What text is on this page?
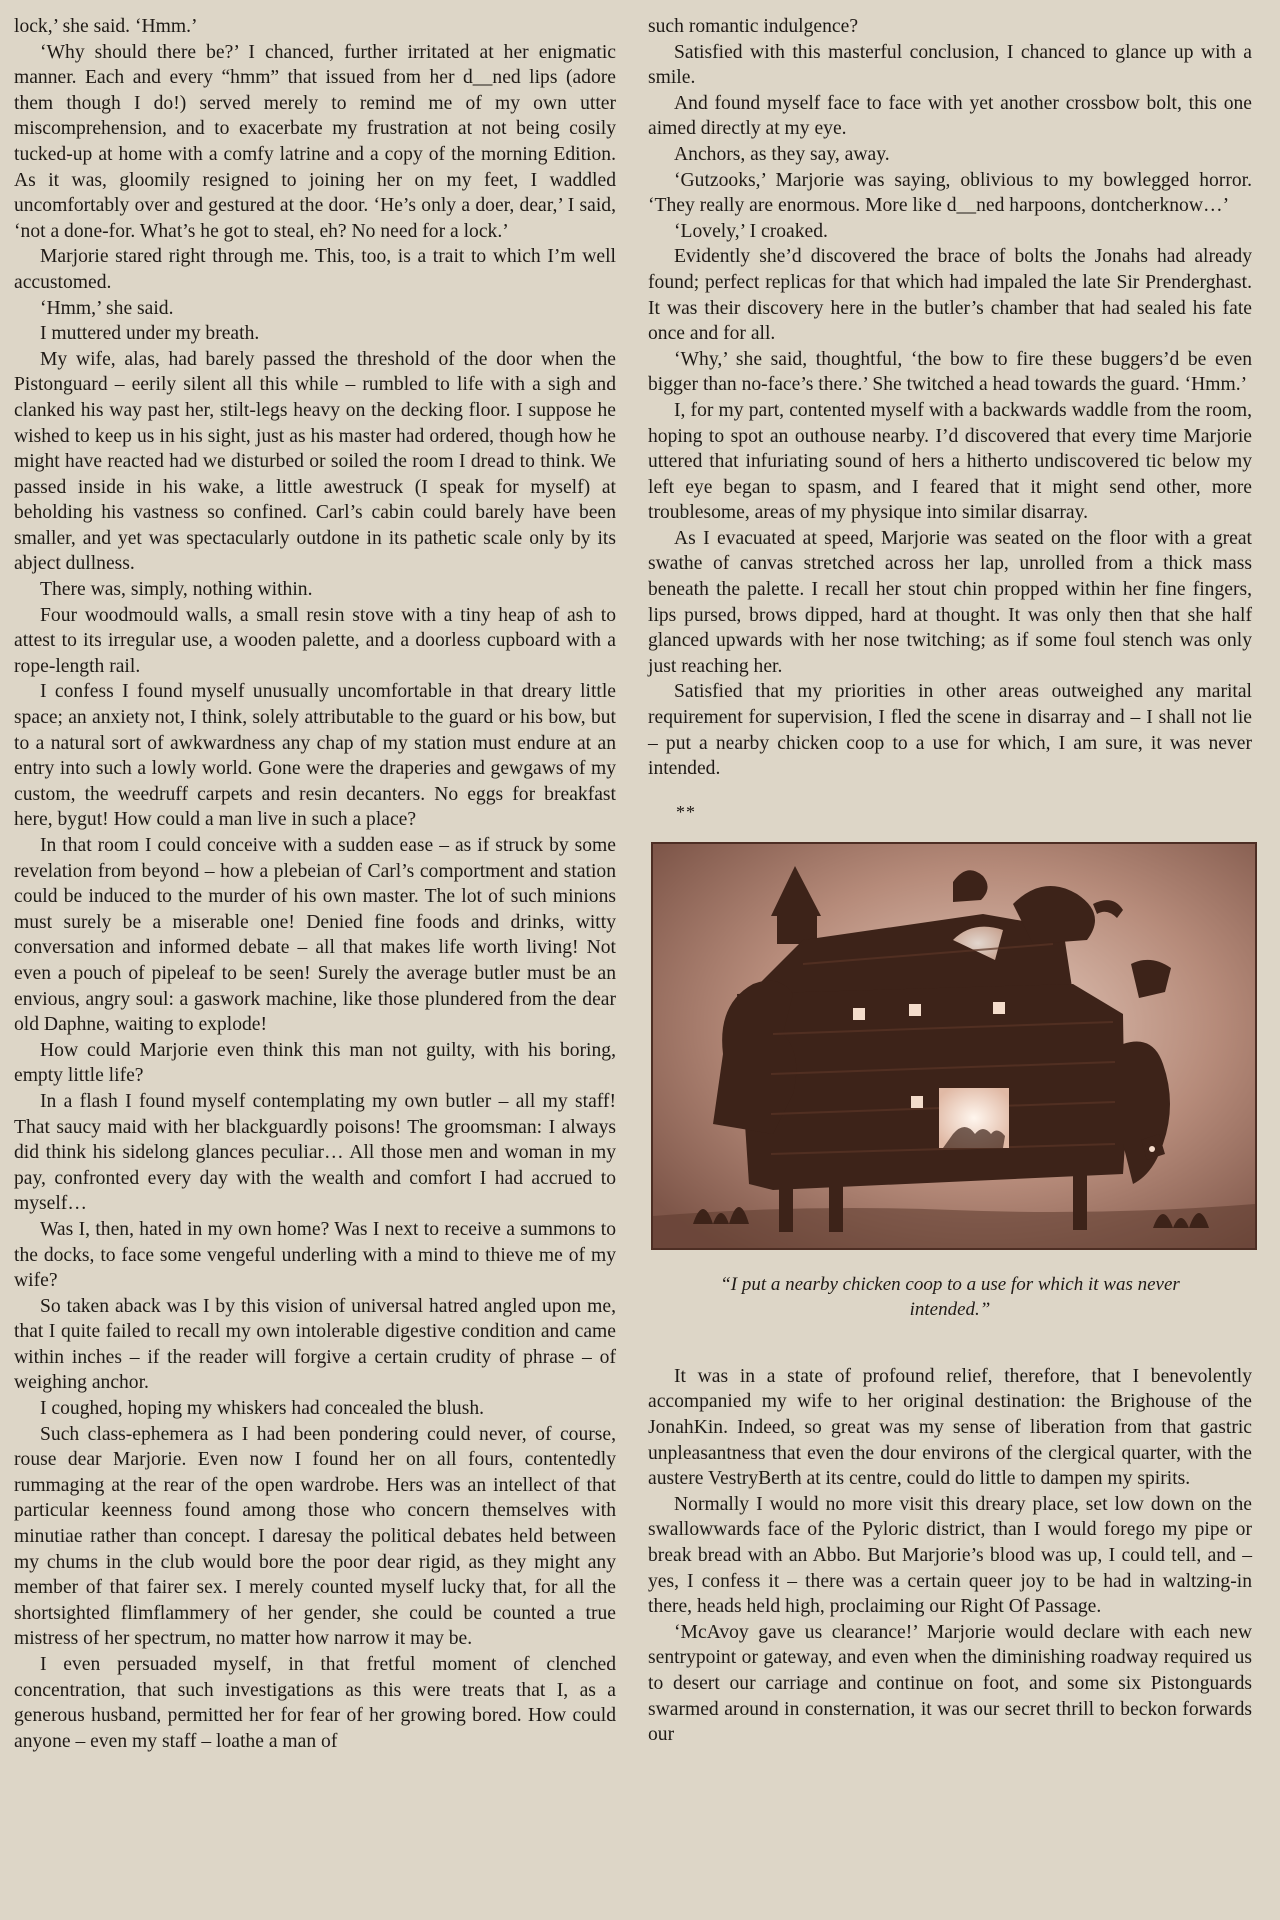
lock,’ she said. ‘Hmm.’

‘Why should there be?’ I chanced, further irritated at her enigmatic manner. Each and every “hmm” that issued from her d__ned lips (adore them though I do!) served merely to remind me of my own utter miscomprehension, and to exacerbate my frustration at not being cosily tucked-up at home with a comfy latrine and a copy of the morning Edition. As it was, gloomily resigned to joining her on my feet, I waddled uncomfortably over and gestured at the door. ‘He’s only a doer, dear,’ I said, ‘not a done-for. What’s he got to steal, eh? No need for a lock.’

Marjorie stared right through me. This, too, is a trait to which I’m well accustomed.

‘Hmm,’ she said.

I muttered under my breath.

My wife, alas, had barely passed the threshold of the door when the Pistonguard – eerily silent all this while – rumbled to life with a sigh and clanked his way past her, stilt-legs heavy on the decking floor. I suppose he wished to keep us in his sight, just as his master had ordered, though how he might have reacted had we disturbed or soiled the room I dread to think. We passed inside in his wake, a little awestruck (I speak for myself) at beholding his vastness so confined. Carl’s cabin could barely have been smaller, and yet was spectacularly outdone in its pathetic scale only by its abject dullness.

There was, simply, nothing within.

Four woodmould walls, a small resin stove with a tiny heap of ash to attest to its irregular use, a wooden palette, and a doorless cupboard with a rope-length rail.

I confess I found myself unusually uncomfortable in that dreary little space; an anxiety not, I think, solely attributable to the guard or his bow, but to a natural sort of awkwardness any chap of my station must endure at an entry into such a lowly world. Gone were the draperies and gewgaws of my custom, the weedruff carpets and resin decanters. No eggs for breakfast here, bygut! How could a man live in such a place?

In that room I could conceive with a sudden ease – as if struck by some revelation from beyond – how a plebeian of Carl’s comportment and station could be induced to the murder of his own master. The lot of such minions must surely be a miserable one! Denied fine foods and drinks, witty conversation and informed debate – all that makes life worth living! Not even a pouch of pipeleaf to be seen! Surely the average butler must be an envious, angry soul: a gaswork machine, like those plundered from the dear old Daphne, waiting to explode!

How could Marjorie even think this man not guilty, with his boring, empty little life?

In a flash I found myself contemplating my own butler – all my staff! That saucy maid with her blackguardly poisons! The groomsman: I always did think his sidelong glances peculiar… All those men and woman in my pay, confronted every day with the wealth and comfort I had accrued to myself…

Was I, then, hated in my own home? Was I next to receive a summons to the docks, to face some vengeful underling with a mind to thieve me of my wife?

So taken aback was I by this vision of universal hatred angled upon me, that I quite failed to recall my own intolerable digestive condition and came within inches – if the reader will forgive a certain crudity of phrase – of weighing anchor.

I coughed, hoping my whiskers had concealed the blush.

Such class-ephemera as I had been pondering could never, of course, rouse dear Marjorie. Even now I found her on all fours, contentedly rummaging at the rear of the open wardrobe. Hers was an intellect of that particular keenness found among those who concern themselves with minutiae rather than concept. I daresay the political debates held between my chums in the club would bore the poor dear rigid, as they might any member of that fairer sex. I merely counted myself lucky that, for all the shortsighted flimflammery of her gender, she could be counted a true mistress of her spectrum, no matter how narrow it may be.

I even persuaded myself, in that fretful moment of clenched concentration, that such investigations as this were treats that I, as a generous husband, permitted her for fear of her growing bored. How could anyone – even my staff – loathe a man of

such romantic indulgence?

Satisfied with this masterful conclusion, I chanced to glance up with a smile.

And found myself face to face with yet another crossbow bolt, this one aimed directly at my eye.

Anchors, as they say, away.

‘Gutzooks,’ Marjorie was saying, oblivious to my bowlegged horror. ‘They really are enormous. More like d__ned harpoons, dontcherknow…’

‘Lovely,’ I croaked.

Evidently she’d discovered the brace of bolts the Jonahs had already found; perfect replicas for that which had impaled the late Sir Prenderghast. It was their discovery here in the butler’s chamber that had sealed his fate once and for all.

‘Why,’ she said, thoughtful, ‘the bow to fire these buggers’d be even bigger than no-face’s there.’ She twitched a head towards the guard. ‘Hmm.’

I, for my part, contented myself with a backwards waddle from the room, hoping to spot an outhouse nearby. I’d discovered that every time Marjorie uttered that infuriating sound of hers a hitherto undiscovered tic below my left eye began to spasm, and I feared that it might send other, more troublesome, areas of my physique into similar disarray.

As I evacuated at speed, Marjorie was seated on the floor with a great swathe of canvas stretched across her lap, unrolled from a thick mass beneath the palette. I recall her stout chin propped within her fine fingers, lips pursed, brows dipped, hard at thought. It was only then that she half glanced upwards with her nose twitching; as if some foul stench was only just reaching her.

Satisfied that my priorities in other areas outweighed any marital requirement for supervision, I fled the scene in disarray and – I shall not lie – put a nearby chicken coop to a use for which, I am sure, it was never intended.

**
“I put a nearby chicken coop to a use for which it was never intended.”

It was in a state of profound relief, therefore, that I benevolently accompanied my wife to her original destination: the Brighouse of the JonahKin. Indeed, so great was my sense of liberation from that gastric unpleasantness that even the dour environs of the clergical quarter, with the austere VestryBerth at its centre, could do little to dampen my spirits.

Normally I would no more visit this dreary place, set low down on the swallowwards face of the Pyloric district, than I would forego my pipe or break bread with an Abbo. But Marjorie’s blood was up, I could tell, and – yes, I confess it – there was a certain queer joy to be had in waltzing-in there, heads held high, proclaiming our Right Of Passage.

‘McAvoy gave us clearance!’ Marjorie would declare with each new sentrypoint or gateway, and even when the diminishing roadway required us to desert our carriage and continue on foot, and some six Pistonguards swarmed around in consternation, it was our secret thrill to beckon forwards our
